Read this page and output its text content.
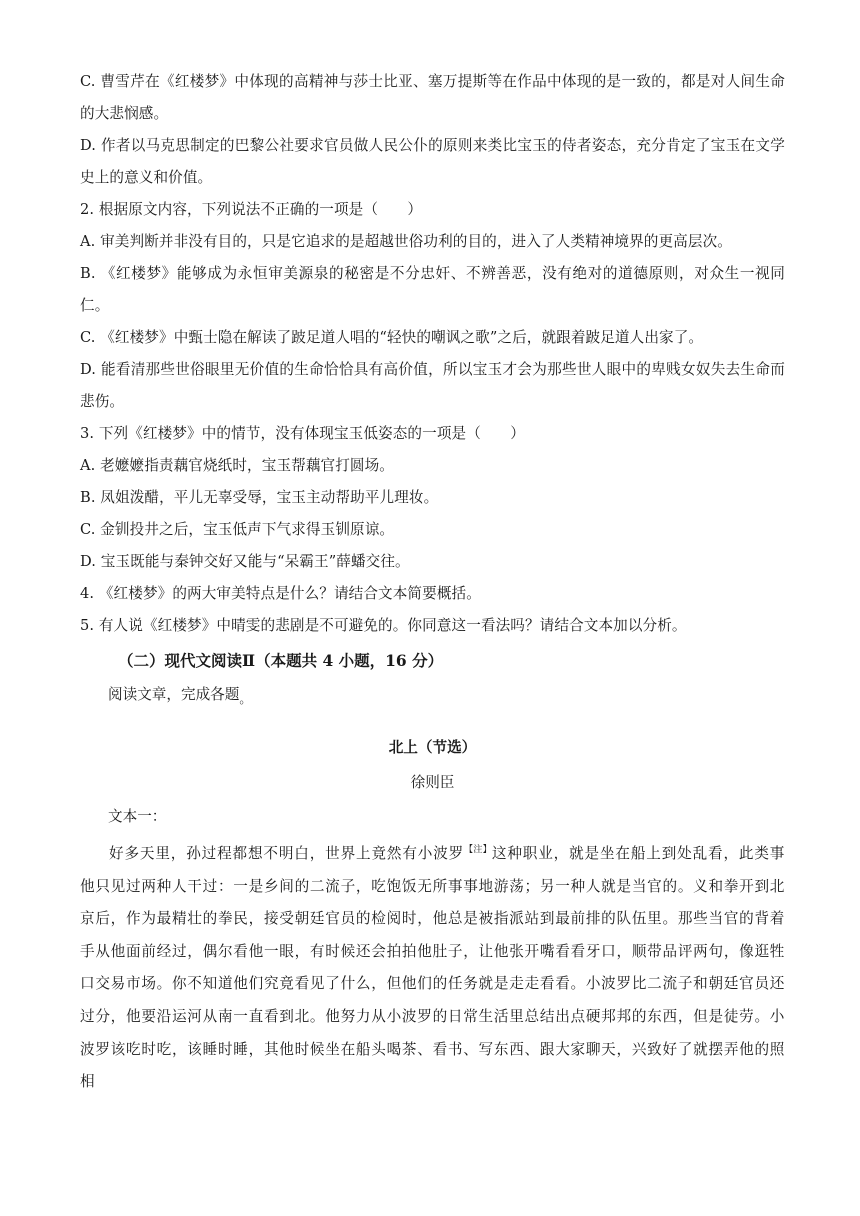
C. 曹雪芹在《红楼梦》中体现的高精神与莎士比亚、塞万提斯等在作品中体现的是一致的，都是对人间生命的大悲悯感。

D. 作者以马克思制定的巴黎公社要求官员做人民公仆的原则来类比宝玉的侍者姿态，充分肯定了宝玉在文学史上的意义和价值。

2. 根据原文内容，下列说法不正确的一项是（　　）

A. 审美判断并非没有目的，只是它追求的是超越世俗功利的目的，进入了人类精神境界的更高层次。

B. 《红楼梦》能够成为永恒审美源泉的秘密是不分忠奸、不辨善恶，没有绝对的道德原则，对众生一视同仁。

C. 《红楼梦》中甄士隐在解读了跛足道人唱的“轻快的嘲讽之歌”之后，就跟着跛足道人出家了。

D. 能看清那些世俗眼里无价值的生命恰恰具有高价值，所以宝玉才会为那些世人眼中的卑贱女奴失去生命而悲伤。

3. 下列《红楼梦》中的情节，没有体现宝玉低姿态的一项是（　　）

A. 老嬷嬷指责藕官烧纸时，宝玉帮藕官打圆场。

B. 凤姐泼醋，平儿无辜受辱，宝玉主动帮助平儿理妆。

C. 金钏投井之后，宝玉低声下气求得玉钏原谅。

D. 宝玉既能与秦钟交好又能与“呆霸王”薛蟠交往。

4. 《红楼梦》的两大审美特点是什么？请结合文本简要概括。

5. 有人说《红楼梦》中晴雯的悲剧是不可避免的。你同意这一看法吗？请结合文本加以分析。

（二）现代文阅读Ⅱ（本题共 4 小题，16 分）
阅读文章，完成各题$_。$
北上（节选）
徐则臣
文本一：

好多天里，孙过程都想不明白，世界上竟然有小波罗$^{【注】}$这种职业，就是坐在船上到处乱看，此类事他只见过两种人干过：一是乡间的二流子，吃饱饭无所事事地游荡；另一种人就是当官的。义和拳开到北京后，作为最精壮的拳民，接受朝廷官员的检阅时，他总是被指派站到最前排的队伍里。那些当官的背着手从他面前经过，偶尔看他一眼，有时候还会拍拍他肚子，让他张开嘴看看牙口，顺带品评两句，像逛牲口交易市场。你不知道他们究竟看见了什么，但他们的任务就是走走看看。小波罗比二流子和朝廷官员还过分，他要沿运河从南一直看到北。他努力从小波罗的日常生活里总结出点硬邦邦的东西，但是徒劳。小波罗该吃时吃，该睡时睡，其他时候坐在船头喝茶、看书、写东西、跟大家聊天，兴致好了就摆弄他的照相
